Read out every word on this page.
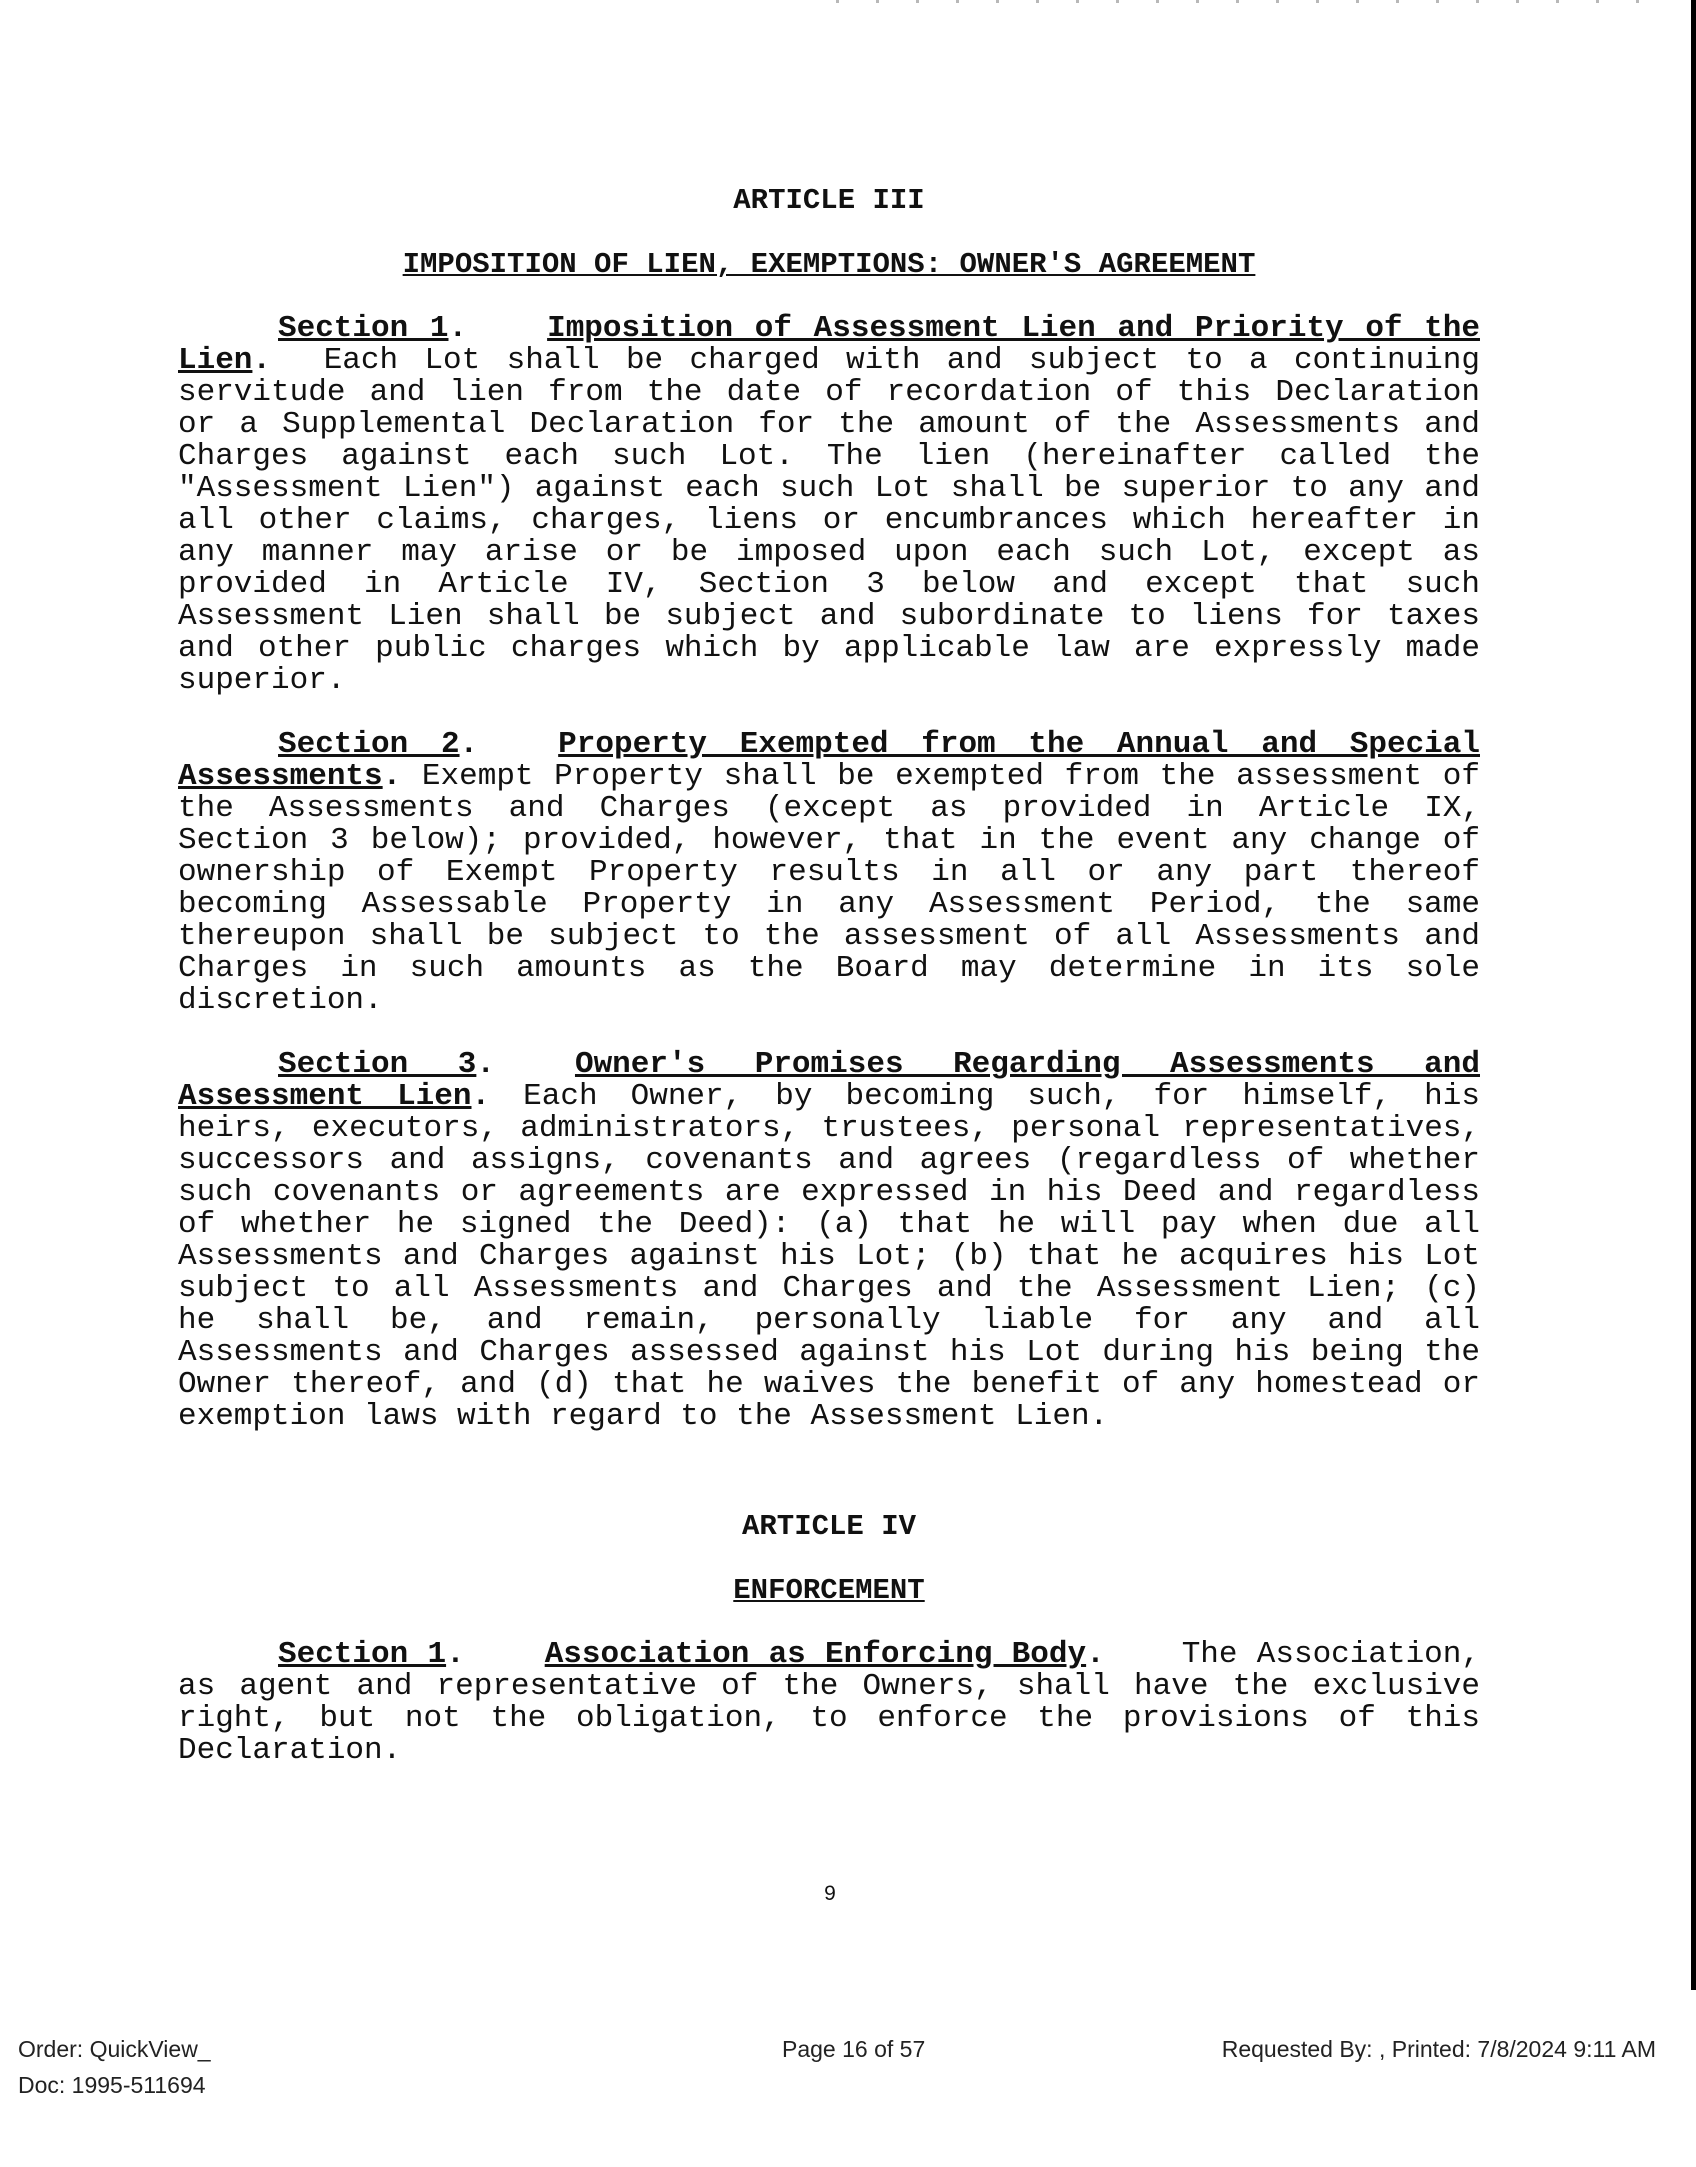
ARTICLE III
IMPOSITION OF LIEN, EXEMPTIONS: OWNER'S AGREEMENT

Section 1.	Imposition of Assessment Lien and Priority of the Lien. Each Lot shall be charged with and subject to a continuing servitude and lien from the date of recordation of this Declaration or a Supplemental Declaration for the amount of the Assessments and Charges against each such Lot. The lien (hereinafter called the "Assessment Lien") against each such Lot shall be superior to any and all other claims, charges, liens or encumbrances which hereafter in any manner may arise or be imposed upon each such Lot, except as provided in Article IV, Section 3 below and except that such Assessment Lien shall be subject and subordinate to liens for taxes and other public charges which by applicable law are expressly made superior.

Section 2.	Property Exempted from the Annual and Special Assessments. Exempt Property shall be exempted from the assessment of the Assessments and Charges (except as provided in Article IX, Section 3 below); provided, however, that in the event any change of ownership of Exempt Property results in all or any part thereof becoming Assessable Property in any Assessment Period, the same thereupon shall be subject to the assessment of all Assessments and Charges in such amounts as the Board may determine in its sole discretion.

Section 3.	Owner's Promises Regarding Assessments and Assessment Lien. Each Owner, by becoming such, for himself, his heirs, executors, administrators, trustees, personal representatives, successors and assigns, covenants and agrees (regardless of whether such covenants or agreements are expressed in his Deed and regardless of whether he signed the Deed): (a) that he will pay when due all Assessments and Charges against his Lot; (b) that he acquires his Lot subject to all Assessments and Charges and the Assessment Lien; (c) he shall be, and remain, personally liable for any and all Assessments and Charges assessed against his Lot during his being the Owner thereof, and (d) that he waives the benefit of any homestead or exemption laws with regard to the Assessment Lien.

ARTICLE IV
ENFORCEMENT

Section 1.	Association as Enforcing Body. The Association, as agent and representative of the Owners, shall have the exclusive right, but not the obligation, to enforce the provisions of this Declaration.

9
Order: QuickView_	Page 16 of 57	Requested By: , Printed: 7/8/2024 9:11 AM
Doc: 1995-511694
